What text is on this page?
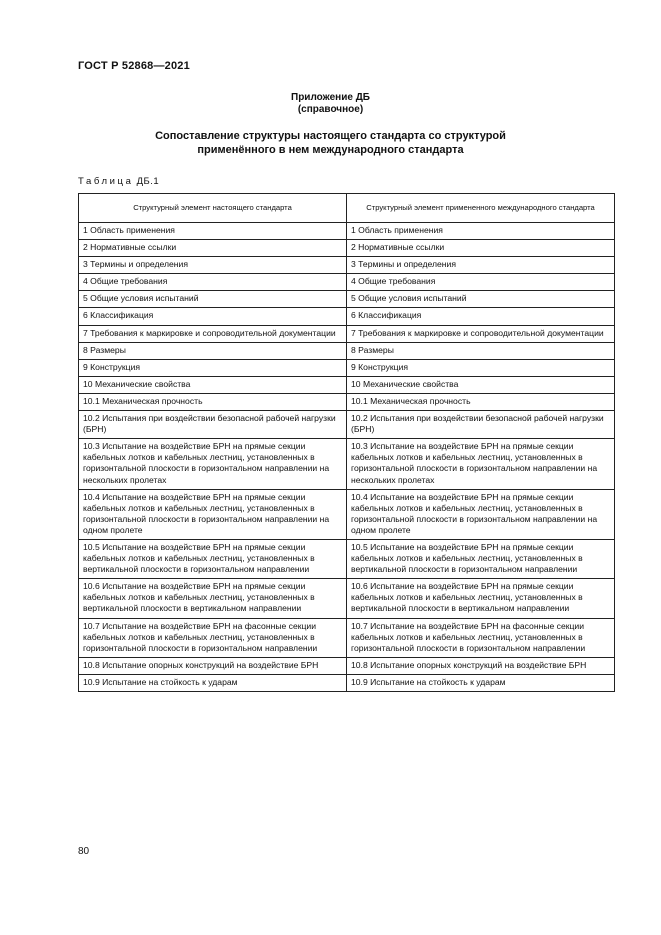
ГОСТ Р 52868—2021
Приложение ДБ
(справочное)
Сопоставление структуры настоящего стандарта со структурой
применённого в нем международного стандарта
Таблица ДБ.1
Структурный элемент настоящего стандарта	Структурный элемент примененного международного стандарта
1 Область применения	1 Область применения
2 Нормативные ссылки	2 Нормативные ссылки
3 Термины и определения	3 Термины и определения
4 Общие требования	4 Общие требования
5 Общие условия испытаний	5 Общие условия испытаний
6 Классификация	6 Классификация
7 Требования к маркировке и сопроводительной документации	7 Требования к маркировке и сопроводительной документации
8 Размеры	8 Размеры
9 Конструкция	9 Конструкция
10 Механические свойства	10 Механические свойства
10.1 Механическая прочность	10.1 Механическая прочность
10.2 Испытания при воздействии безопасной рабочей нагрузки (БРН)	10.2 Испытания при воздействии безопасной рабочей нагрузки (БРН)
10.3 Испытание на воздействие БРН на прямые секции кабельных лотков и кабельных лестниц, установленных в горизонтальной плоскости в горизонтальном направлении на нескольких пролетах	10.3 Испытание на воздействие БРН на прямые секции кабельных лотков и кабельных лестниц, установленных в горизонтальной плоскости в горизонтальном направлении на нескольких пролетах
10.4 Испытание на воздействие БРН на прямые секции кабельных лотков и кабельных лестниц, установленных в горизонтальной плоскости в горизонтальном направлении на одном пролете	10.4 Испытание на воздействие БРН на прямые секции кабельных лотков и кабельных лестниц, установленных в горизонтальной плоскости в горизонтальном направлении на одном пролете
10.5 Испытание на воздействие БРН на прямые секции кабельных лотков и кабельных лестниц, установленных в вертикальной плоскости в горизонтальном направлении	10.5 Испытание на воздействие БРН на прямые секции кабельных лотков и кабельных лестниц, установленных в вертикальной плоскости в горизонтальном направлении
10.6 Испытание на воздействие БРН на прямые секции кабельных лотков и кабельных лестниц, установленных в вертикальной плоскости в вертикальном направлении	10.6 Испытание на воздействие БРН на прямые секции кабельных лотков и кабельных лестниц, установленных в вертикальной плоскости в вертикальном направлении
10.7 Испытание на воздействие БРН на фасонные секции кабельных лотков и кабельных лестниц, установленных в горизонтальной плоскости в горизонтальном направлении	10.7 Испытание на воздействие БРН на фасонные секции кабельных лотков и кабельных лестниц, установленных в горизонтальной плоскости в горизонтальном направлении
10.8 Испытание опорных конструкций на воздействие БРН	10.8 Испытание опорных конструкций на воздействие БРН
10.9 Испытание на стойкость к ударам	10.9 Испытание на стойкость к ударам
80
